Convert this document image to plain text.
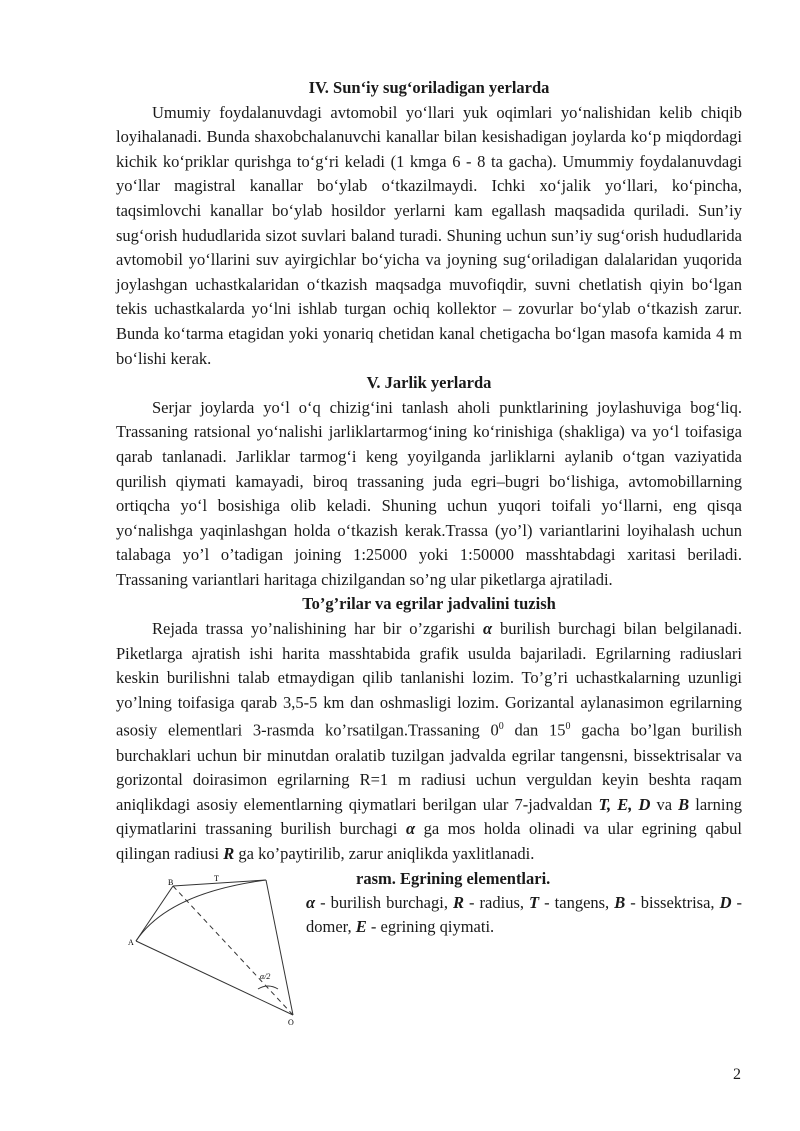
IV. Sun‘iy sug‘oriladigan yerlarda

Umumiy foydalanuvdagi avtomobil yo‘llari yuk oqimlari yo‘nalishidan kelib chiqib loyihalanadi. Bunda shaxobchalanuvchi kanallar bilan kesishadigan joylarda ko‘p miqdordagi kichik ko‘priklar qurishga to‘g‘ri keladi (1 kmga 6 - 8 ta gacha). Umummiy foydalanuvdagi yo‘llar magistral kanallar bo‘ylab o‘tkazilmaydi. Ichki xo‘jalik yo‘llari, ko‘pincha, taqsimlovchi kanallar bo‘ylab hosildor yerlarni kam egallash maqsadida quriladi. Sun’iy sug‘orish hududlarida sizot suvlari baland turadi. Shuning uchun sun’iy sug‘orish hududlarida avtomobil yo‘llarini suv ayirgichlar bo‘yicha va joyning sug‘oriladigan dalalaridan yuqorida joylashgan uchastkalaridan o‘tkazish maqsadga muvofiqdir, suvni chetlatish qiyin bo‘lgan tekis uchastkalarda yo‘lni ishlab turgan ochiq kollektor – zovurlar bo‘ylab o‘tkazish zarur. Bunda ko‘tarma etagidan yoki yonariq chetidan kanal chetigacha bo‘lgan masofa kamida 4 m bo‘lishi kerak.

V. Jarlik yerlarda

Serjar joylarda yo‘l o‘q chizig‘ini tanlash aholi punktlarining joylashuviga bog‘liq. Trassaning ratsional yo‘nalishi jarliklartarmog‘ining ko‘rinishiga (shakliga) va yo‘l toifasiga qarab tanlanadi. Jarliklar tarmog‘i keng yoyilganda jarliklarni aylanib o‘tgan vaziyatida qurilish qiymati kamayadi, biroq trassaning juda egri–bugri bo‘lishiga, avtomobillarning ortiqcha yo‘l bosishiga olib keladi. Shuning uchun yuqori toifali yo‘llarni, eng qisqa yo‘nalishga yaqinlashgan holda o‘tkazish kerak.Trassa (yo’l) variantlarini loyihalash uchun talabaga yo’l o’tadigan joining 1:25000 yoki 1:50000 masshtabdagi xaritasi beriladi. Trassaning variantlari haritaga chizilgandan so’ng ular piketlarga ajratiladi.

To’g’rilar va egrilar jadvalini tuzish

Rejada trassa yo’nalishining har bir o’zgarishi α burilish burchagi bilan belgilanadi. Piketlarga ajratish ishi harita masshtabida grafik usulda bajariladi. Egrilarning radiuslari keskin burilishni talab etmaydigan qilib tanlanishi lozim. To’g’ri uchastkalarning uzunligi yo’lning toifasiga qarab 3,5-5 km dan oshmasligi lozim. Gorizantal aylanasimon egrilarning asosiy elementlari 3-rasmda ko’rsatilgan.Trassaning $0^0$ dan $15^0$ gacha bo’lgan burilish burchaklari uchun bir minutdan oralatib tuzilgan jadvalda egrilar tangensni, bissektrisalar va gorizontal doirasimon egrilarning R=1 m radiusi uchun verguldan keyin beshta raqam aniqlikdagi asosiy elementlarning qiymatlari berilgan ular 7-jadvaldan T, E, D va B larning qiymatlarini trassaning burilish burchagi α ga mos holda olinadi va ular egrining qabul qilingan radiusi R ga ko’paytirilib, zarur aniqlikda yaxlitlanadi.

T
α/2
O
A
B	rasm. Egrining elementlari.
α - burilish burchagi, R - radius, T - tangens, B - bissektrisa, D - domer, E - egrining qiymati.
2
